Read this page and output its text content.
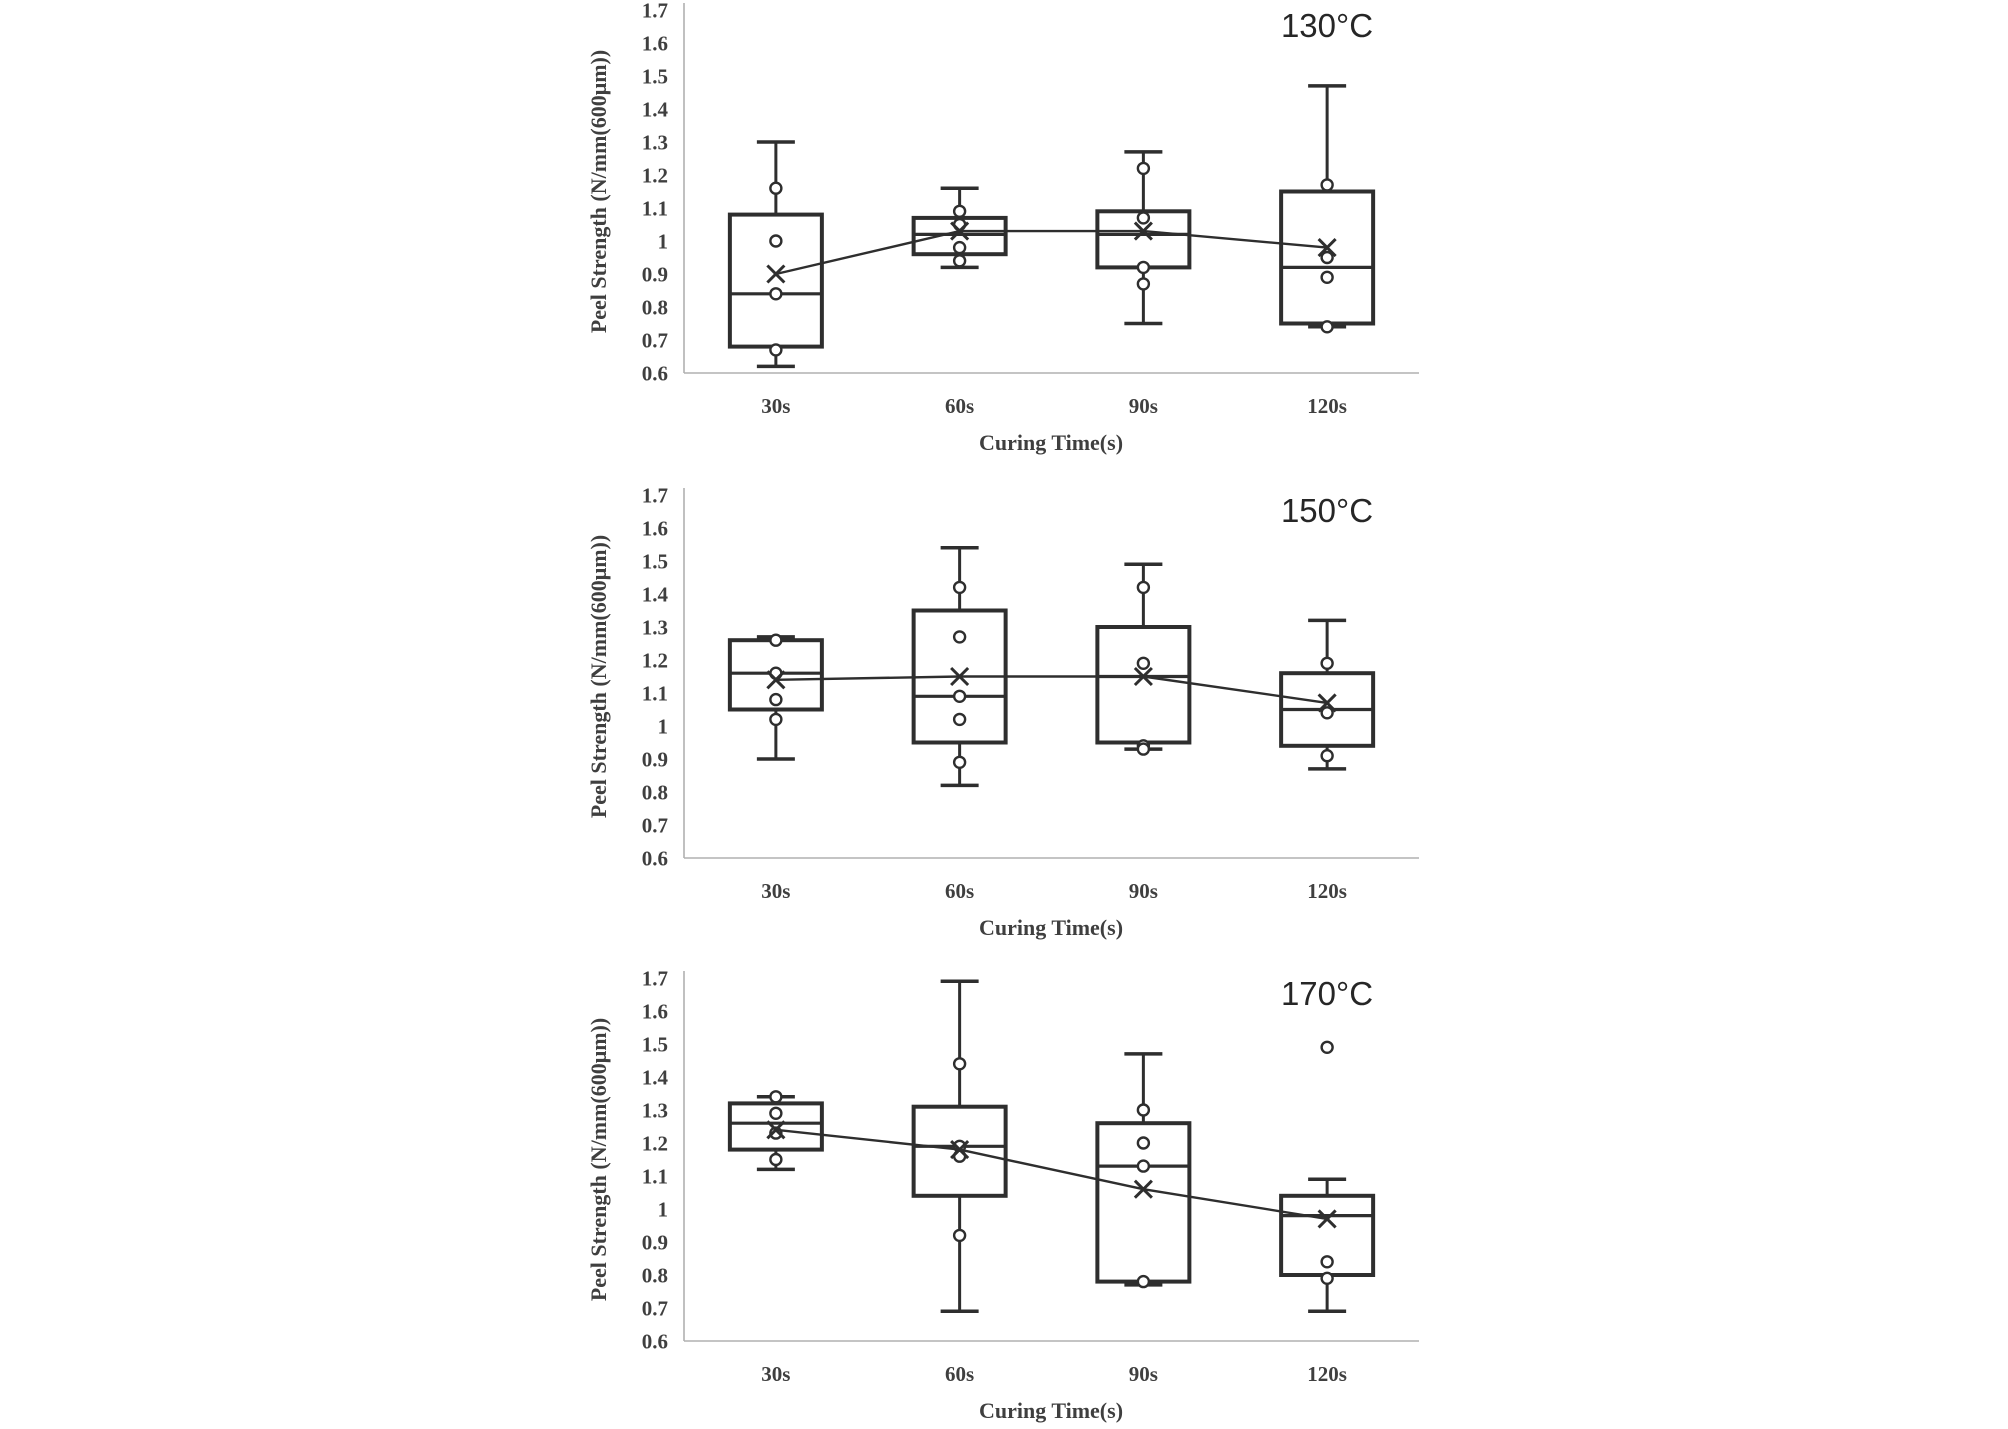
0.6
0.7
0.8
0.9
1
1.1
1.2
1.3
1.4
1.5
1.6
1.7	130°C
Curing Time(s)
Peel Strength (N/mm(600μm))
30s	60s	90s	120s
0.6
0.7
0.8
0.9
1
1.1
1.2
1.3
1.4
1.5
1.6
1.7	150°C
Curing Time(s)
Peel Strength (N/mm(600μm))
30s	60s	90s	120s
0.6
0.7
0.8
0.9
1
1.1
1.2
1.3
1.4
1.5
1.6
1.7	170°C
Curing Time(s)
Peel Strength (N/mm(600μm))
30s	60s	90s	120s
